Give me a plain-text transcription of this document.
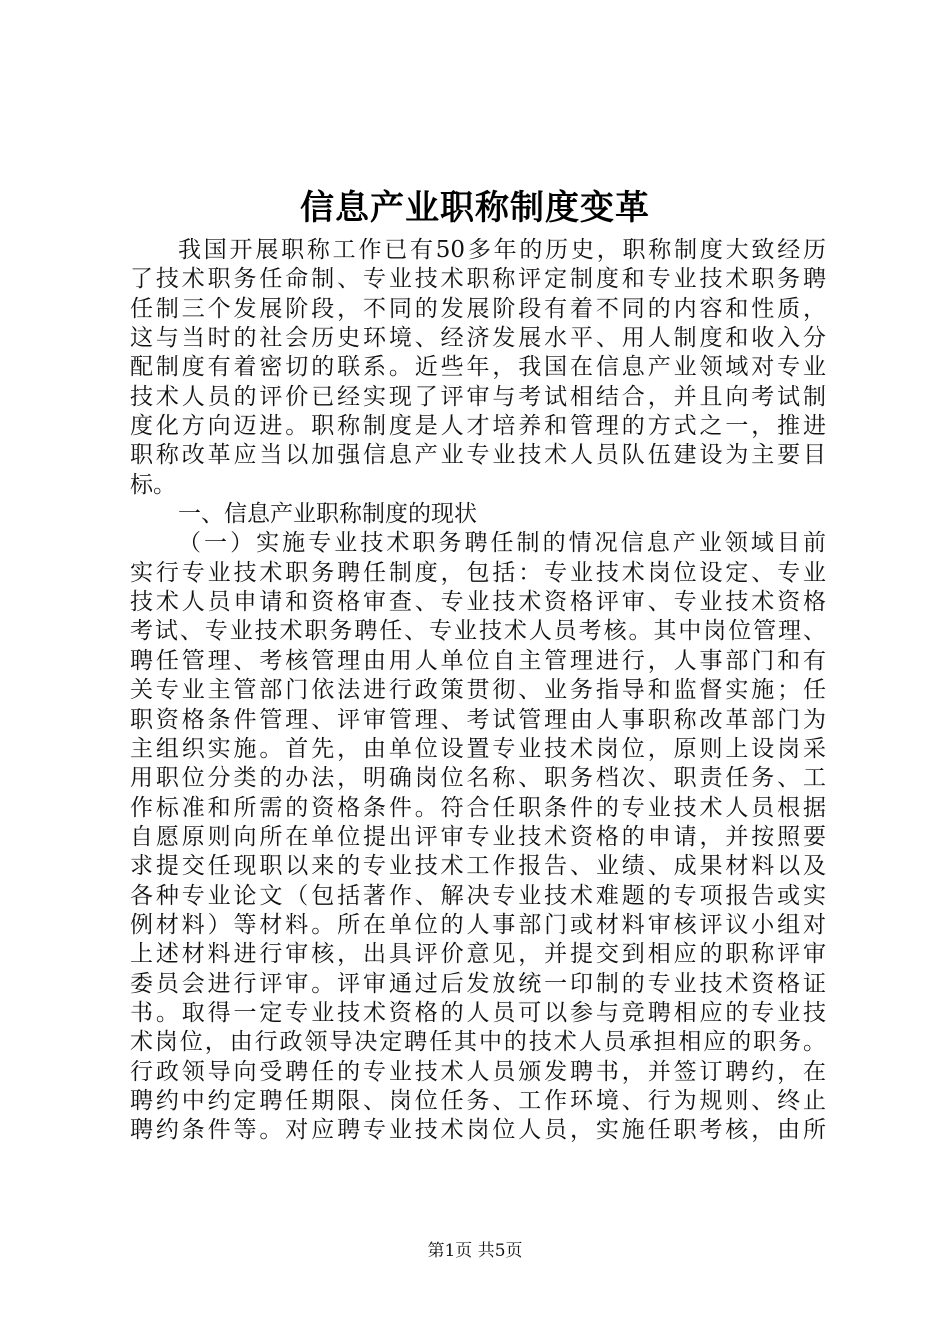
信息产业职称制度变革
我国开展职称工作已有50多年的历史，职称制度大致经历
了技术职务任命制、专业技术职称评定制度和专业技术职务聘
任制三个发展阶段，不同的发展阶段有着不同的内容和性质，
这与当时的社会历史环境、经济发展水平、用人制度和收入分
配制度有着密切的联系。近些年，我国在信息产业领域对专业
技术人员的评价已经实现了评审与考试相结合，并且向考试制
度化方向迈进。职称制度是人才培养和管理的方式之一，推进
职称改革应当以加强信息产业专业技术人员队伍建设为主要目
标。
一、信息产业职称制度的现状
（一）实施专业技术职务聘任制的情况信息产业领域目前
实行专业技术职务聘任制度，包括：专业技术岗位设定、专业
技术人员申请和资格审查、专业技术资格评审、专业技术资格
考试、专业技术职务聘任、专业技术人员考核。其中岗位管理、
聘任管理、考核管理由用人单位自主管理进行，人事部门和有
关专业主管部门依法进行政策贯彻、业务指导和监督实施；任
职资格条件管理、评审管理、考试管理由人事职称改革部门为
主组织实施。首先，由单位设置专业技术岗位，原则上设岗采
用职位分类的办法，明确岗位名称、职务档次、职责任务、工
作标准和所需的资格条件。符合任职条件的专业技术人员根据
自愿原则向所在单位提出评审专业技术资格的申请，并按照要
求提交任现职以来的专业技术工作报告、业绩、成果材料以及
各种专业论文（包括著作、解决专业技术难题的专项报告或实
例材料）等材料。所在单位的人事部门或材料审核评议小组对
上述材料进行审核，出具评价意见，并提交到相应的职称评审
委员会进行评审。评审通过后发放统一印制的专业技术资格证
书。取得一定专业技术资格的人员可以参与竞聘相应的专业技
术岗位，由行政领导决定聘任其中的技术人员承担相应的职务。
行政领导向受聘任的专业技术人员颁发聘书，并签订聘约，在
聘约中约定聘任期限、岗位任务、工作环境、行为规则、终止
聘约条件等。对应聘专业技术岗位人员，实施任职考核，由所
第1页 共5页
